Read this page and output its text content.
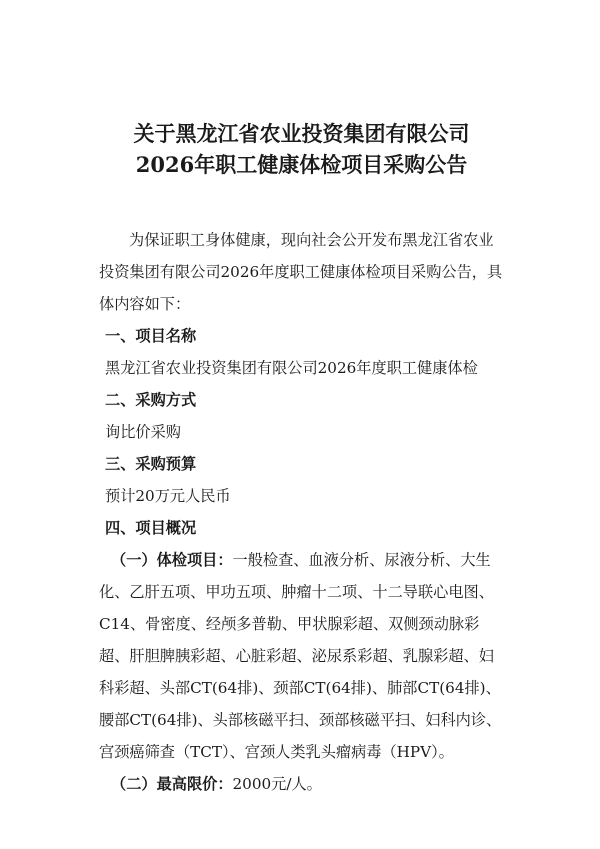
关于黑龙江省农业投资集团有限公司
2026年职工健康体检项目采购公告

为保证职工身体健康，现向社会公开发布黑龙江省农业投资集团有限公司2026年度职工健康体检项目采购公告，具体内容如下：

一、项目名称

黑龙江省农业投资集团有限公司2026年度职工健康体检

二、采购方式

询比价采购

三、采购预算

预计20万元人民币

四、项目概况

（一）体检项目：一般检查、血液分析、尿液分析、大生化、乙肝五项、甲功五项、肿瘤十二项、十二导联心电图、C14、骨密度、经颅多普勒、甲状腺彩超、双侧颈动脉彩超、肝胆脾胰彩超、心脏彩超、泌尿系彩超、乳腺彩超、妇科彩超、头部CT(64排)、颈部CT(64排)、肺部CT(64排)、腰部CT(64排)、头部核磁平扫、颈部核磁平扫、妇科内诊、宫颈癌筛查（TCT）、宫颈人类乳头瘤病毒（HPV）。

（二）最高限价：2000元/人。
